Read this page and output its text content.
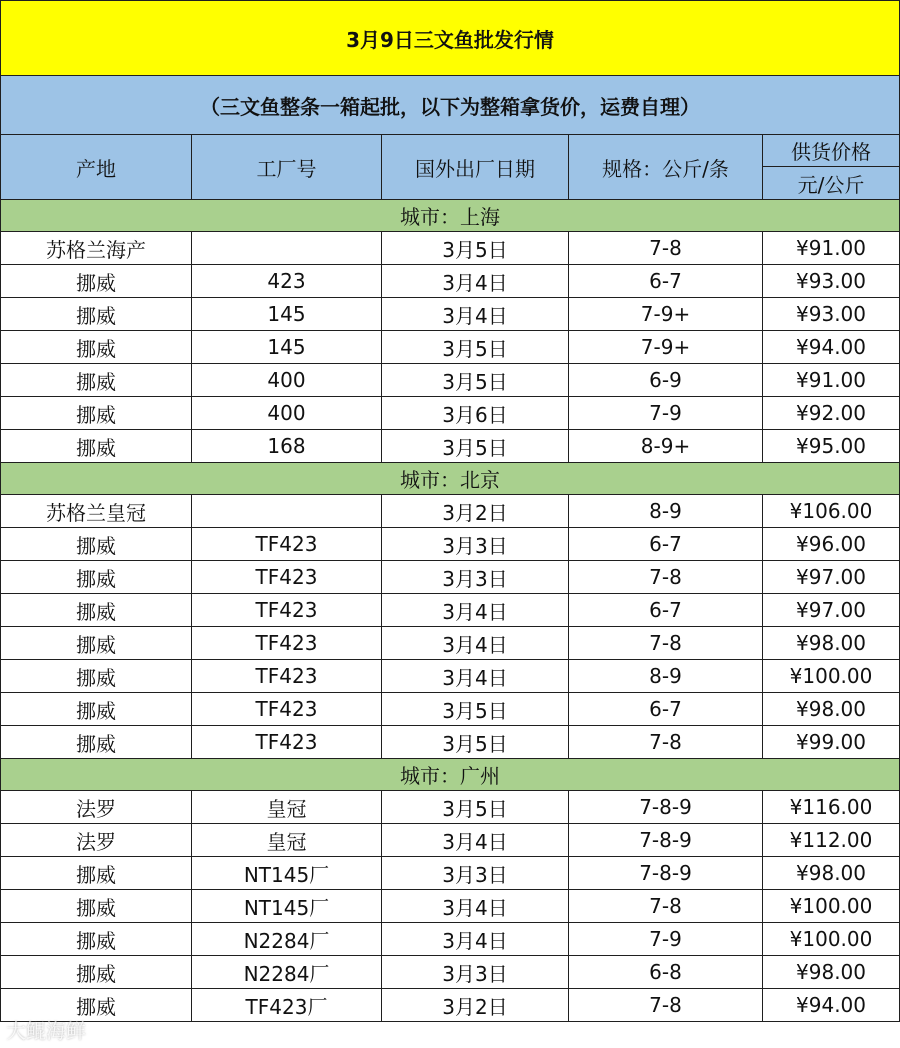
3月9日三文鱼批发行情				
（三文鱼整条一箱起批，以下为整箱拿货价，运费自理）				
产地	工厂号	国外出厂日期	规格：公斤/条	供货价格
				元/公斤
城市：上海				
苏格兰海产		3月5日	7-8	¥91.00
挪威	423	3月4日	6-7	¥93.00
挪威	145	3月4日	7-9+	¥93.00
挪威	145	3月5日	7-9+	¥94.00
挪威	400	3月5日	6-9	¥91.00
挪威	400	3月6日	7-9	¥92.00
挪威	168	3月5日	8-9+	¥95.00
城市：北京				
苏格兰皇冠		3月2日	8-9	¥106.00
挪威	TF423	3月3日	6-7	¥96.00
挪威	TF423	3月3日	7-8	¥97.00
挪威	TF423	3月4日	6-7	¥97.00
挪威	TF423	3月4日	7-8	¥98.00
挪威	TF423	3月4日	8-9	¥100.00
挪威	TF423	3月5日	6-7	¥98.00
挪威	TF423	3月5日	7-8	¥99.00
城市：广州				
法罗	皇冠	3月5日	7-8-9	¥116.00
法罗	皇冠	3月4日	7-8-9	¥112.00
挪威	NT145厂	3月3日	7-8-9	¥98.00
挪威	NT145厂	3月4日	7-8	¥100.00
挪威	N2284厂	3月4日	7-9	¥100.00
挪威	N2284厂	3月3日	6-8	¥98.00
挪威	TF423厂	3月2日	7-8	¥94.00
大鲲海鲜
